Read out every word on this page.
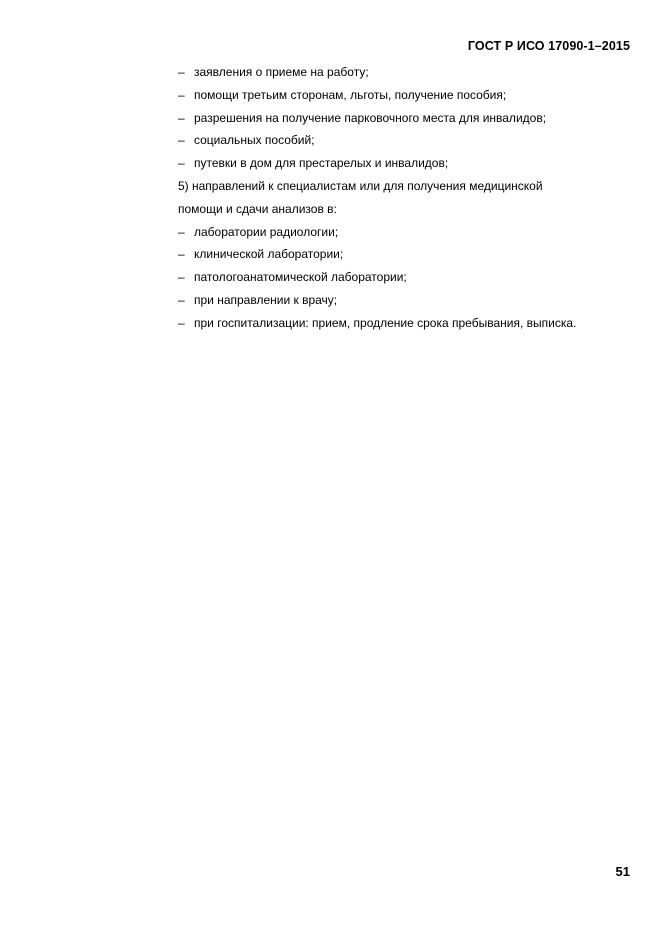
ГОСТ Р ИСО 17090-1–2015
– заявления о приеме на работу;
– помощи третьим сторонам, льготы, получение пособия;
– разрешения на получение парковочного места для инвалидов;
– социальных пособий;
– путевки в дом для престарелых и инвалидов;
5) направлений к специалистам или для получения медицинской
помощи и сдачи анализов в:
– лаборатории радиологии;
– клинической лаборатории;
– патологоанатомической лаборатории;
– при направлении к врачу;
– при госпитализации: прием, продление срока пребывания, выписка.
51
